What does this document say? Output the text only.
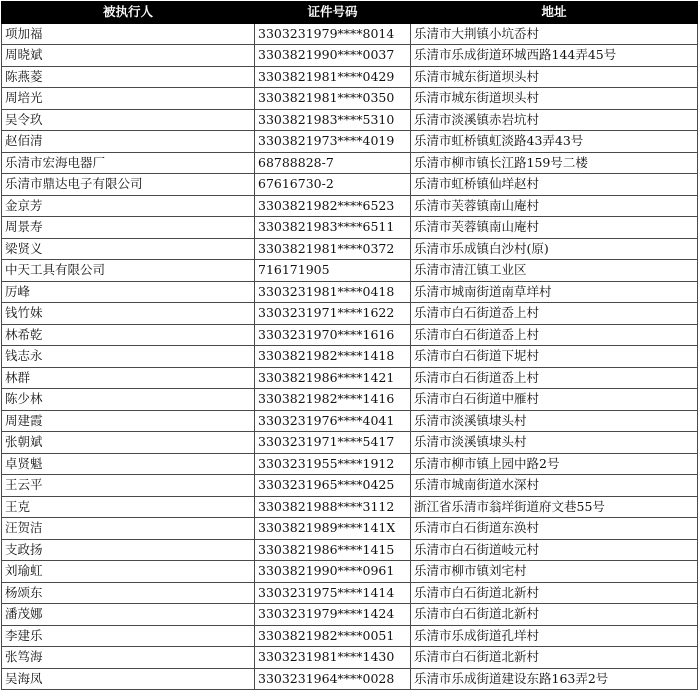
被执行人	证件号码	地址
项加福	3303231979****8014	乐清市大荆镇小坑岙村
周晓斌	3303821990****0037	乐清市乐成街道环城西路144弄45号
陈燕菱	3303821981****0429	乐清市城东街道坝头村
周培光	3303821981****0350	乐清市城东街道坝头村
吴令玖	3303821983****5310	乐清市淡溪镇赤岩坑村
赵佰清	3303821973****4019	乐清市虹桥镇虹淡路43弄43号
乐清市宏海电器厂	68788828-7	乐清市柳市镇长江路159号二楼
乐清市鼎达电子有限公司	67616730-2	乐清市虹桥镇仙垟赵村
金京芳	3303821982****6523	乐清市芙蓉镇南山庵村
周景寿	3303821983****6511	乐清市芙蓉镇南山庵村
梁贤义	3303821981****0372	乐清市乐成镇白沙村(原)
中天工具有限公司	716171905	乐清市清江镇工业区
厉峰	3303231981****0418	乐清市城南街道南草垟村
钱竹妹	3303231971****1622	乐清市白石街道岙上村
林希乾	3303231970****1616	乐清市白石街道岙上村
钱志永	3303821982****1418	乐清市白石街道下坭村
林群	3303821986****1421	乐清市白石街道岙上村
陈少林	3303821982****1416	乐清市白石街道中雁村
周建霞	3303231976****4041	乐清市淡溪镇埭头村
张朝斌	3303231971****5417	乐清市淡溪镇埭头村
卓贤魁	3303231955****1912	乐清市柳市镇上园中路2号
王云平	3303231965****0425	乐清市城南街道水深村
王克	3303821988****3112	浙江省乐清市翁垟街道府文巷55号
汪贺洁	3303821989****141X	乐清市白石街道东涣村
支政扬	3303821986****1415	乐清市白石街道岐元村
刘瑜虹	3303821990****0961	乐清市柳市镇刘宅村
杨颂东	3303231975****1414	乐清市白石街道北新村
潘茂娜	3303231979****1424	乐清市白石街道北新村
李建乐	3303821982****0051	乐清市乐成街道孔垟村
张笃海	3303231981****1430	乐清市白石街道北新村
吴海凤	3303231964****0028	乐清市乐成街道建设东路163弄2号
